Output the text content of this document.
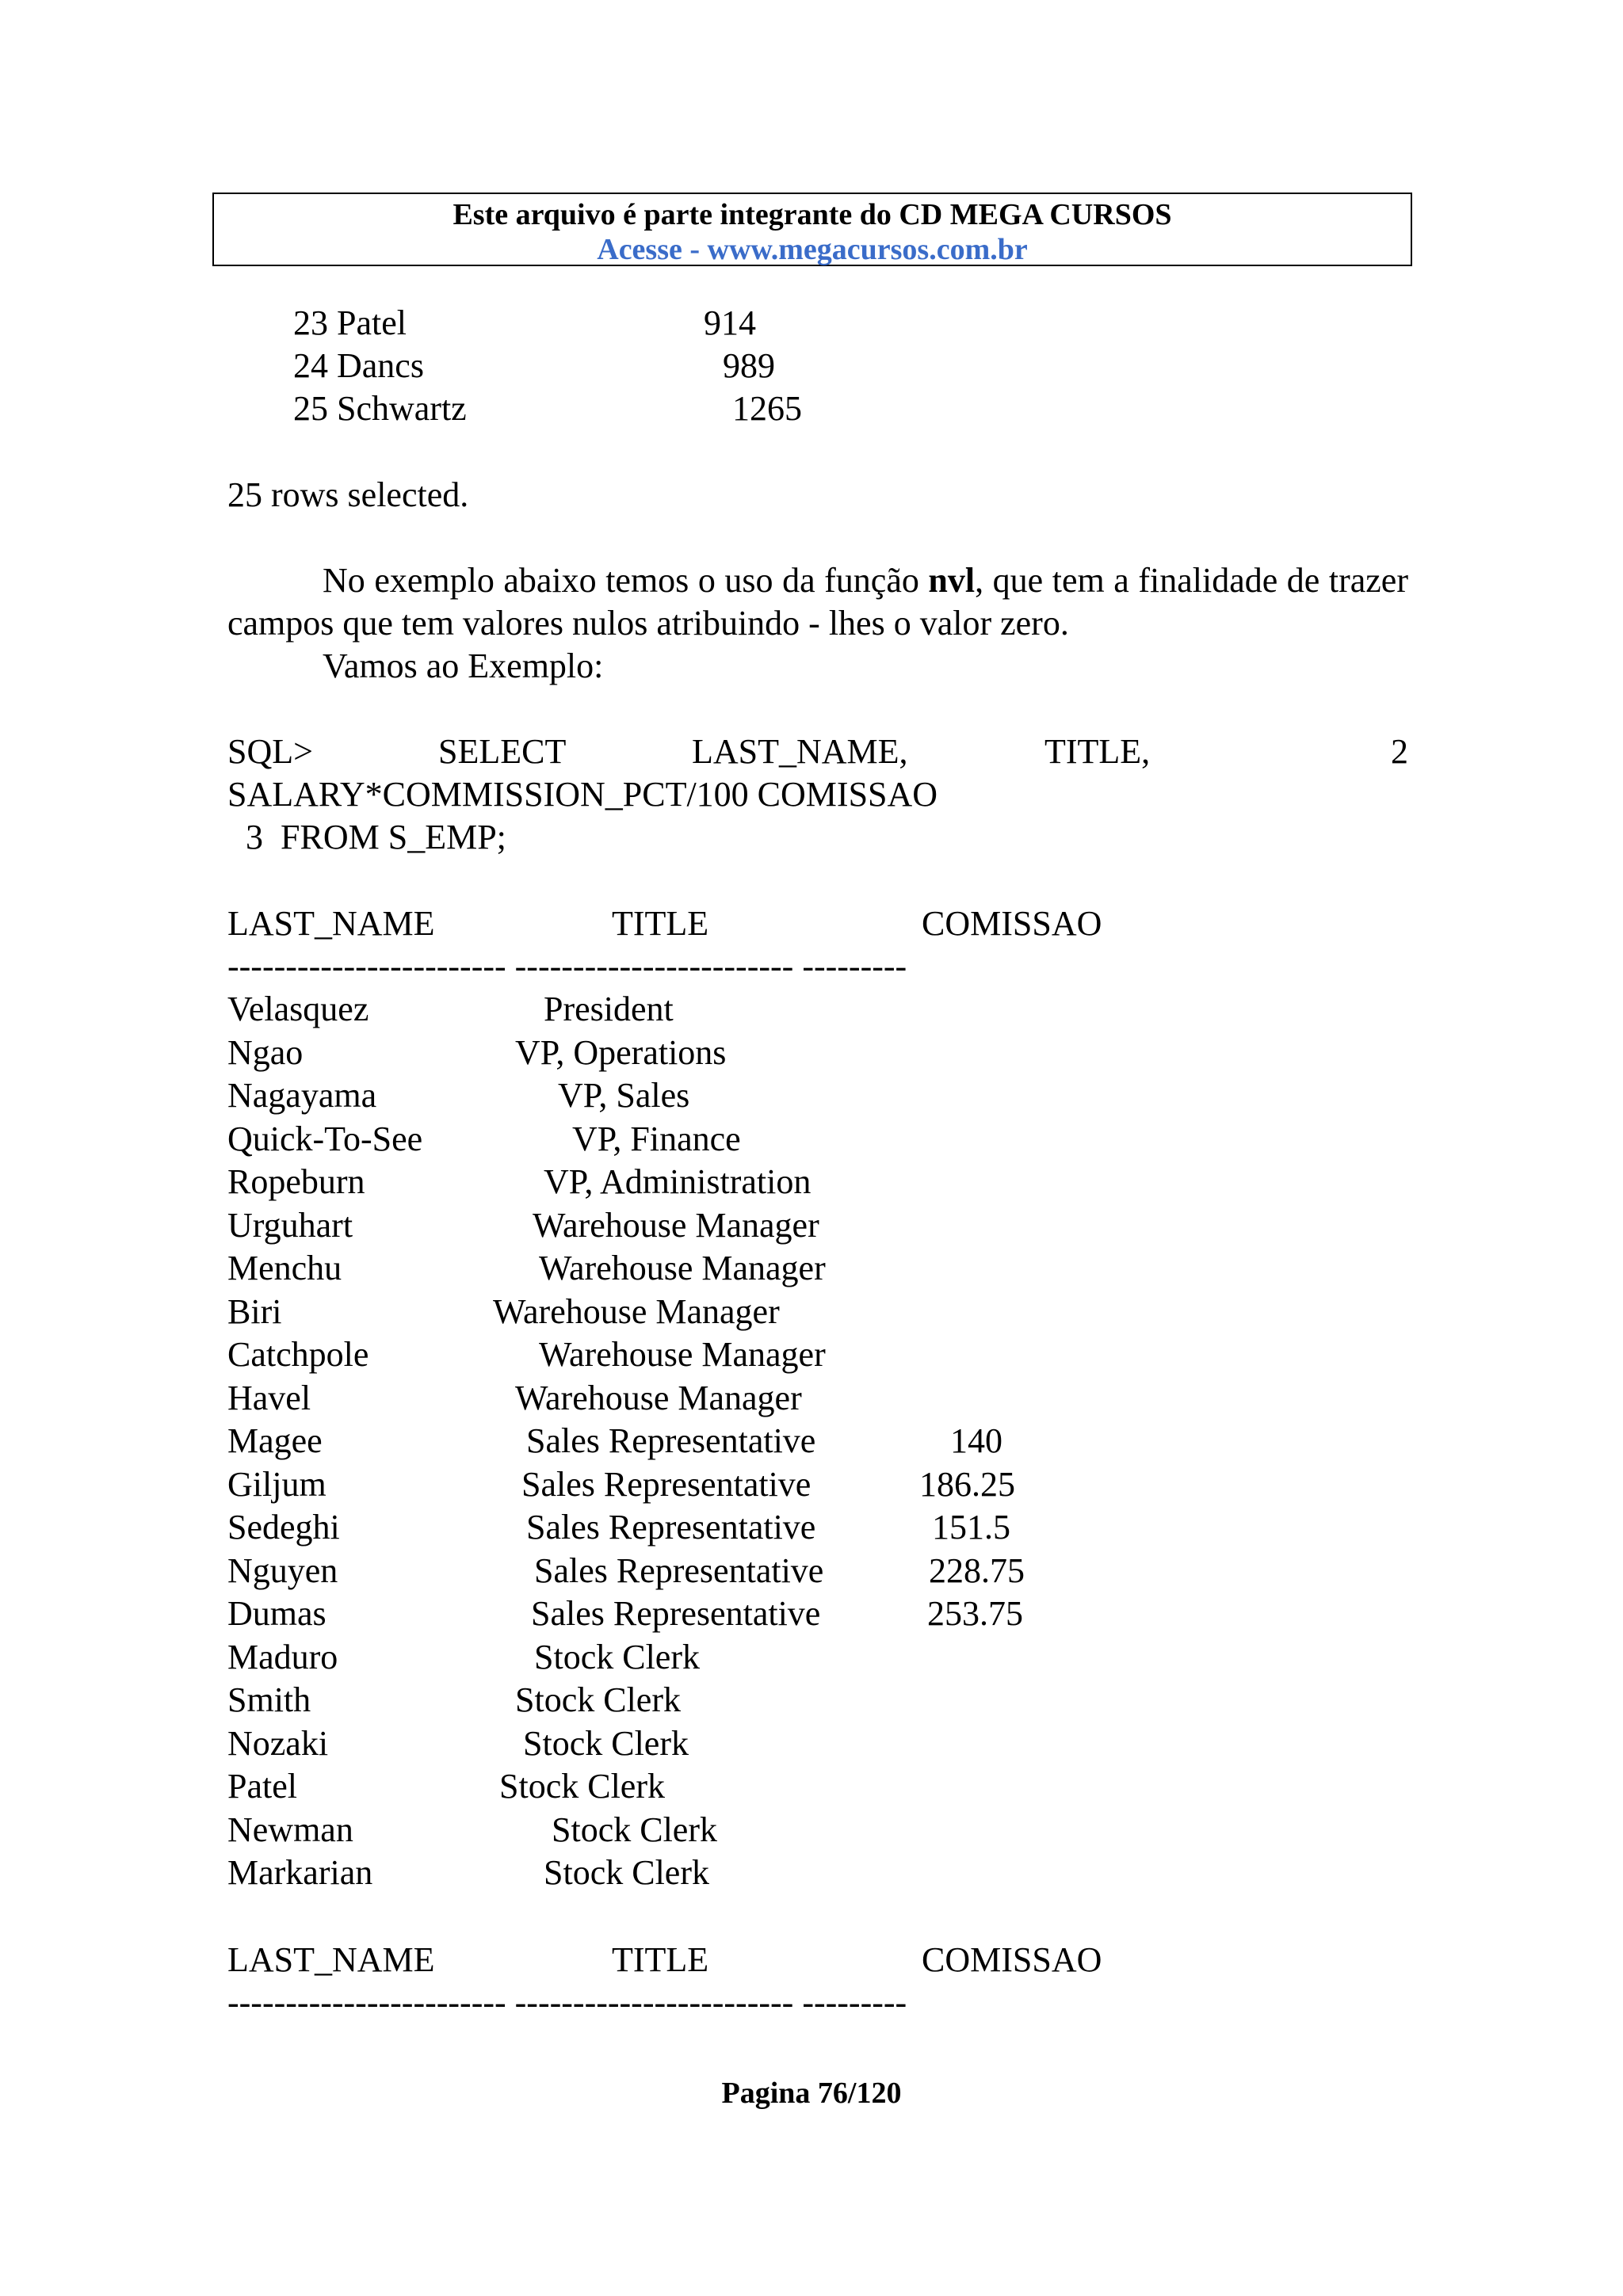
Este arquivo é parte integrante do CD MEGA CURSOS
Acesse - www.megacursos.com.br
23 Patel	914
24 Dancs	989
25 Schwartz	1265
25 rows selected.
No exemplo abaixo temos o uso da função nvl, que tem a finalidade de trazer campos que tem valores nulos atribuindo - lhes o valor zero.
Vamos ao Exemplo:
SQL>	SELECT	LAST_NAME,	TITLE,	2
SALARY*COMMISSION_PCT/100 COMISSAO
3  FROM S_EMP;
LAST_NAME	TITLE	COMISSAO
------------------------ ------------------------ ---------
Velasquez	President
Ngao	VP, Operations
Nagayama	VP, Sales
Quick-To-See	VP, Finance
Ropeburn	VP, Administration
Urguhart	Warehouse Manager
Menchu	Warehouse Manager
Biri	Warehouse Manager
Catchpole	Warehouse Manager
Havel	Warehouse Manager
Magee	Sales Representative	140
Giljum	Sales Representative	186.25
Sedeghi	Sales Representative	151.5
Nguyen	Sales Representative	228.75
Dumas	Sales Representative	253.75
Maduro	Stock Clerk
Smith	Stock Clerk
Nozaki	Stock Clerk
Patel	Stock Clerk
Newman	Stock Clerk
Markarian	Stock Clerk
LAST_NAME	TITLE	COMISSAO
------------------------ ------------------------ ---------
Pagina 76/120
